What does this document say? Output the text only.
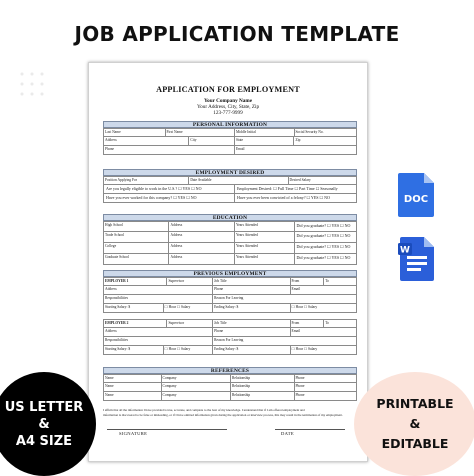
JOB APPLICATION TEMPLATE
APPLICATION FOR EMPLOYMENT
Your Company Name
Your Address, City, State, Zip
123-777-9999
PERSONAL INFORMATION
Last Name	First Name	Middle Initial	Social Security No.
Address	City	State	Zip
Phone	Email
EMPLOYMENT DESIRED
Position Applying For	Date Available	Desired Salary
Are you legally eligible to work in the U.S.? ☐ YES ☐ NO	Employment Desired: ☐ Full Time ☐ Part Time ☐ Seasonally
Have you ever worked for this company? ☐ YES ☐ NO	Have you ever been convicted of a felony? ☐ YES ☐ NO
EDUCATION
High School	Address	Years Attended	Did you graduate? ☐ YES ☐ NO
Trade School	Address	Years Attended	Did you graduate? ☐ YES ☐ NO
College	Address	Years Attended	Did you graduate? ☐ YES ☐ NO
Graduate School	Address	Years Attended	Did you graduate? ☐ YES ☐ NO
PREVIOUS EMPLOYMENT
EMPLOYER 1	Supervisor	Job Title	From	To
Address	Phone	Email
Responsibilities	Reason For Leaving
Starting Salary: $	☐ Hour ☐ Salary	Ending Salary: $	☐ Hour ☐ Salary
EMPLOYER 2	Supervisor	Job Title	From	To
Address	Phone	Email
Responsibilities	Reason For Leaving
Starting Salary: $	☐ Hour ☐ Salary	Ending Salary: $	☐ Hour ☐ Salary
REFERENCES
Name	Company	Relationship	Phone
Name	Company	Relationship	Phone
Name	Company	Relationship	Phone
I affirm that all the information I have provided is true, accurate, and complete to the best of my knowledge. I understand that if I am offered employment and
information is discovered to be false or misleading, or if I have omitted information given during the application or interview process, this may result in the termination of my employment.
SIGNATURE	DATE
DOC
W
US LETTER
&
A4 SIZE
PRINTABLE
&
EDITABLE
